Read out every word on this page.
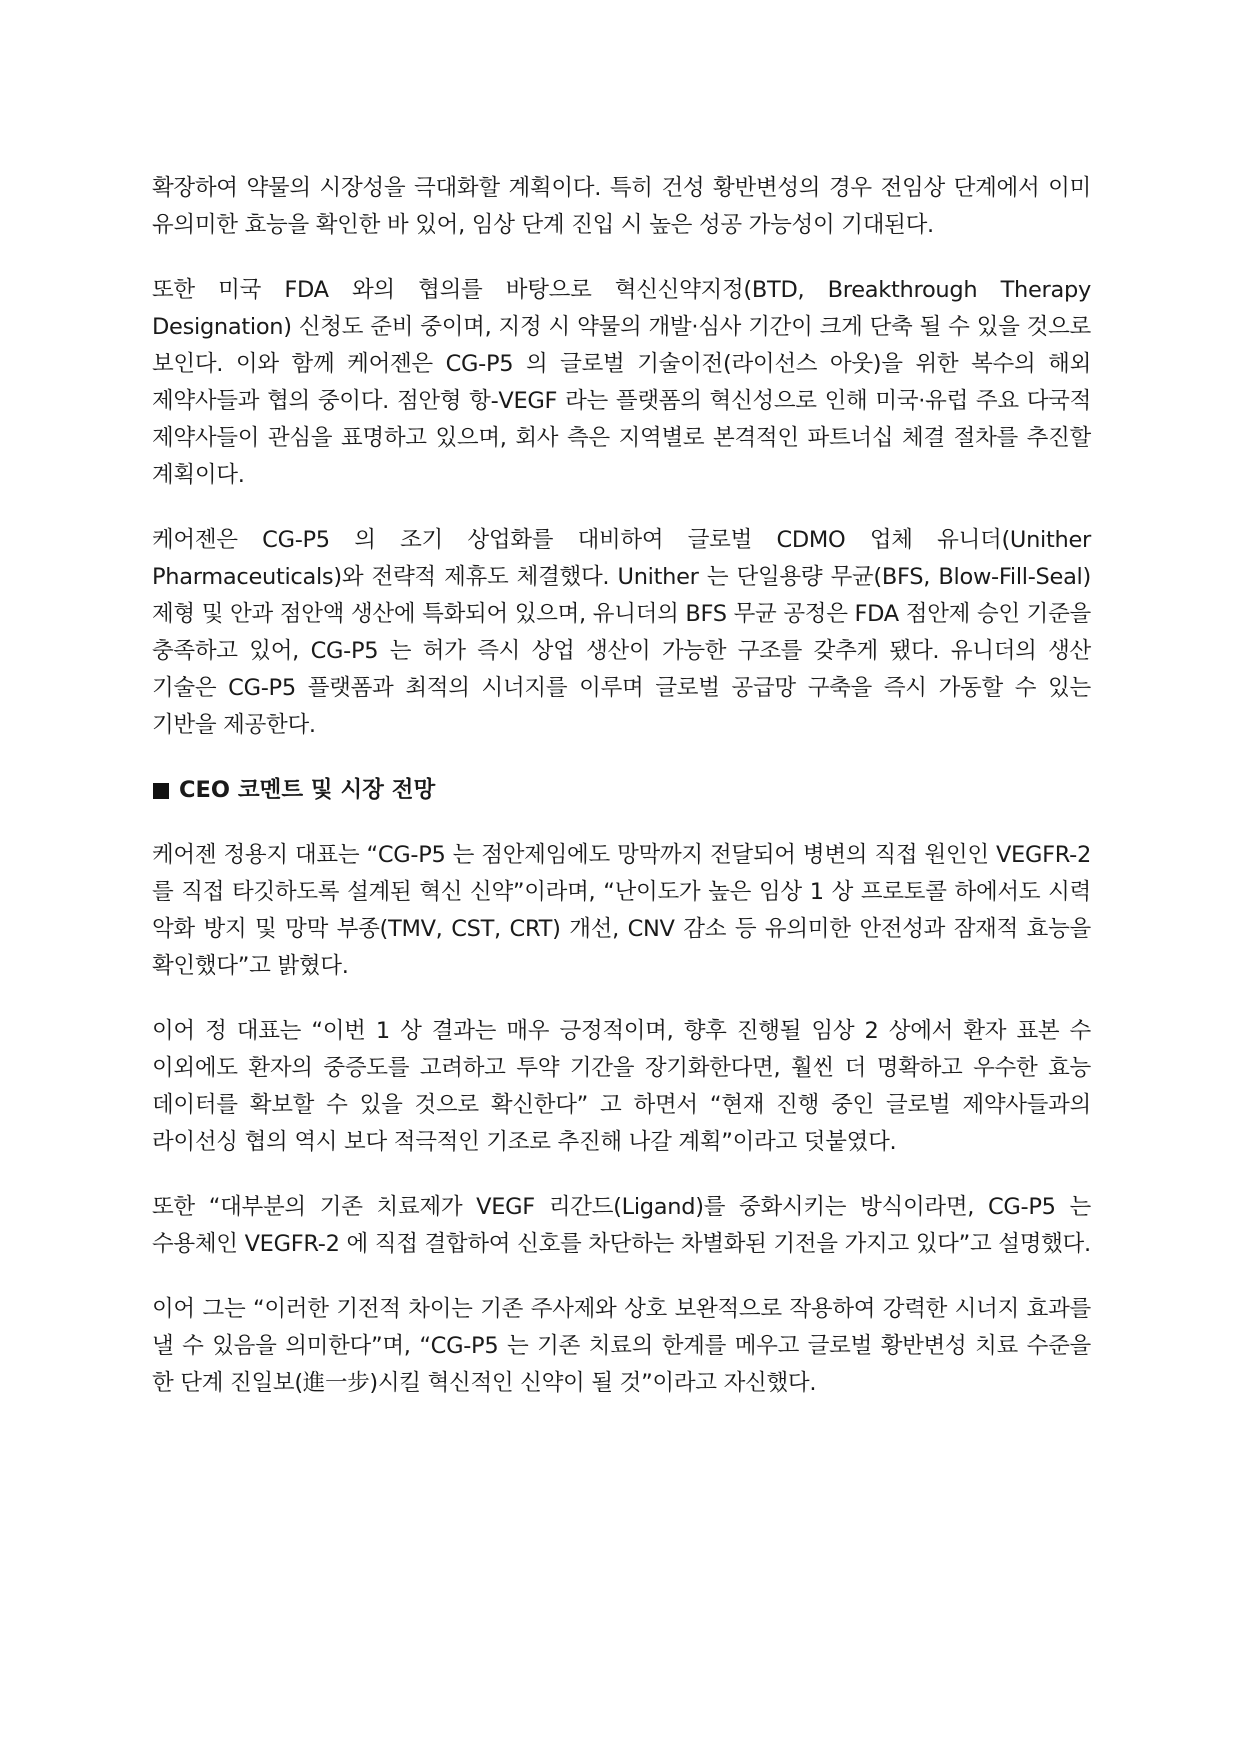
확장하여 약물의 시장성을 극대화할 계획이다. 특히 건성 황반변성의 경우 전임상 단계에서 이미 유의미한 효능을 확인한 바 있어, 임상 단계 진입 시 높은 성공 가능성이 기대된다.

또한 미국 FDA 와의 협의를 바탕으로 혁신신약지정(BTD, Breakthrough Therapy Designation) 신청도 준비 중이며, 지정 시 약물의 개발·심사 기간이 크게 단축 될 수 있을 것으로 보인다. 이와 함께 케어젠은 CG-P5 의 글로벌 기술이전(라이선스 아웃)을 위한 복수의 해외 제약사들과 협의 중이다. 점안형 항-VEGF 라는 플랫폼의 혁신성으로 인해 미국·유럽 주요 다국적 제약사들이 관심을 표명하고 있으며, 회사 측은 지역별로 본격적인 파트너십 체결 절차를 추진할 계획이다.

케어젠은 CG-P5 의 조기 상업화를 대비하여 글로벌 CDMO 업체 유니더(Unither Pharmaceuticals)와 전략적 제휴도 체결했다. Unither 는 단일용량 무균(BFS, Blow-Fill-Seal) 제형 및 안과 점안액 생산에 특화되어 있으며, 유니더의 BFS 무균 공정은 FDA 점안제 승인 기준을 충족하고 있어, CG-P5 는 허가 즉시 상업 생산이 가능한 구조를 갖추게 됐다. 유니더의 생산 기술은 CG-P5 플랫폼과 최적의 시너지를 이루며 글로벌 공급망 구축을 즉시 가동할 수 있는 기반을 제공한다.

CEO 코멘트 및 시장 전망

케어젠 정용지 대표는 “CG-P5 는 점안제임에도 망막까지 전달되어 병변의 직접 원인인 VEGFR-2 를 직접 타깃하도록 설계된 혁신 신약”이라며, “난이도가 높은 임상 1 상 프로토콜 하에서도 시력 악화 방지 및 망막 부종(TMV, CST, CRT) 개선, CNV 감소 등 유의미한 안전성과 잠재적 효능을 확인했다”고 밝혔다.

이어 정 대표는 “이번 1 상 결과는 매우 긍정적이며, 향후 진행될 임상 2 상에서 환자 표본 수 이외에도 환자의 중증도를 고려하고 투약 기간을 장기화한다면, 훨씬 더 명확하고 우수한 효능 데이터를 확보할 수 있을 것으로 확신한다” 고 하면서 “현재 진행 중인 글로벌 제약사들과의 라이선싱 협의 역시 보다 적극적인 기조로 추진해 나갈 계획”이라고 덧붙였다.

또한 “대부분의 기존 치료제가 VEGF 리간드(Ligand)를 중화시키는 방식이라면, CG-P5 는 수용체인 VEGFR-2 에 직접 결합하여 신호를 차단하는 차별화된 기전을 가지고 있다”고 설명했다.

이어 그는 “이러한 기전적 차이는 기존 주사제와 상호 보완적으로 작용하여 강력한 시너지 효과를 낼 수 있음을 의미한다”며, “CG-P5 는 기존 치료의 한계를 메우고 글로벌 황반변성 치료 수준을 한 단계 진일보(進一步)시킬 혁신적인 신약이 될 것”이라고 자신했다.
